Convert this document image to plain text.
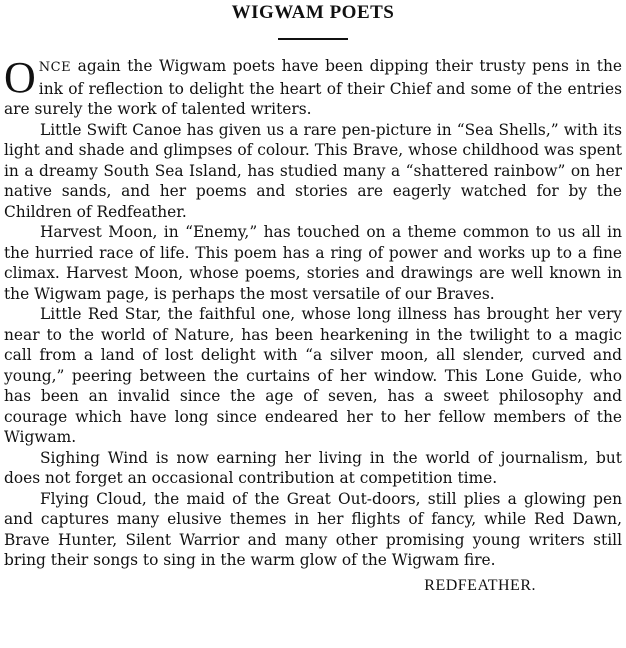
WIGWAM POETS

ONCE again the Wigwam poets have been dipping their trusty pens in the ink of reflection to delight the heart of their Chief and some of the entries are surely the work of talented writers.

Little Swift Canoe has given us a rare pen-picture in “Sea Shells,” with its light and shade and glimpses of colour. This Brave, whose childhood was spent in a dreamy South Sea Island, has studied many a “shattered rainbow” on her native sands, and her poems and stories are eagerly watched for by the Children of Redfeather.

Harvest Moon, in “Enemy,” has touched on a theme common to us all in the hurried race of life. This poem has a ring of power and works up to a fine climax. Harvest Moon, whose poems, stories and drawings are well known in the Wigwam page, is perhaps the most versatile of our Braves.

Little Red Star, the faithful one, whose long illness has brought her very near to the world of Nature, has been hearkening in the twilight to a magic call from a land of lost delight with “a silver moon, all slender, curved and young,” peering between the curtains of her window. This Lone Guide, who has been an invalid since the age of seven, has a sweet philosophy and courage which have long since endeared her to her fellow members of the Wigwam.

Sighing Wind is now earning her living in the world of journalism, but does not forget an occasional contribution at competition time.

Flying Cloud, the maid of the Great Out-doors, still plies a glowing pen and captures many elusive themes in her flights of fancy, while Red Dawn, Brave Hunter, Silent Warrior and many other promising young writers still bring their songs to sing in the warm glow of the Wigwam fire.

REDFEATHER.
